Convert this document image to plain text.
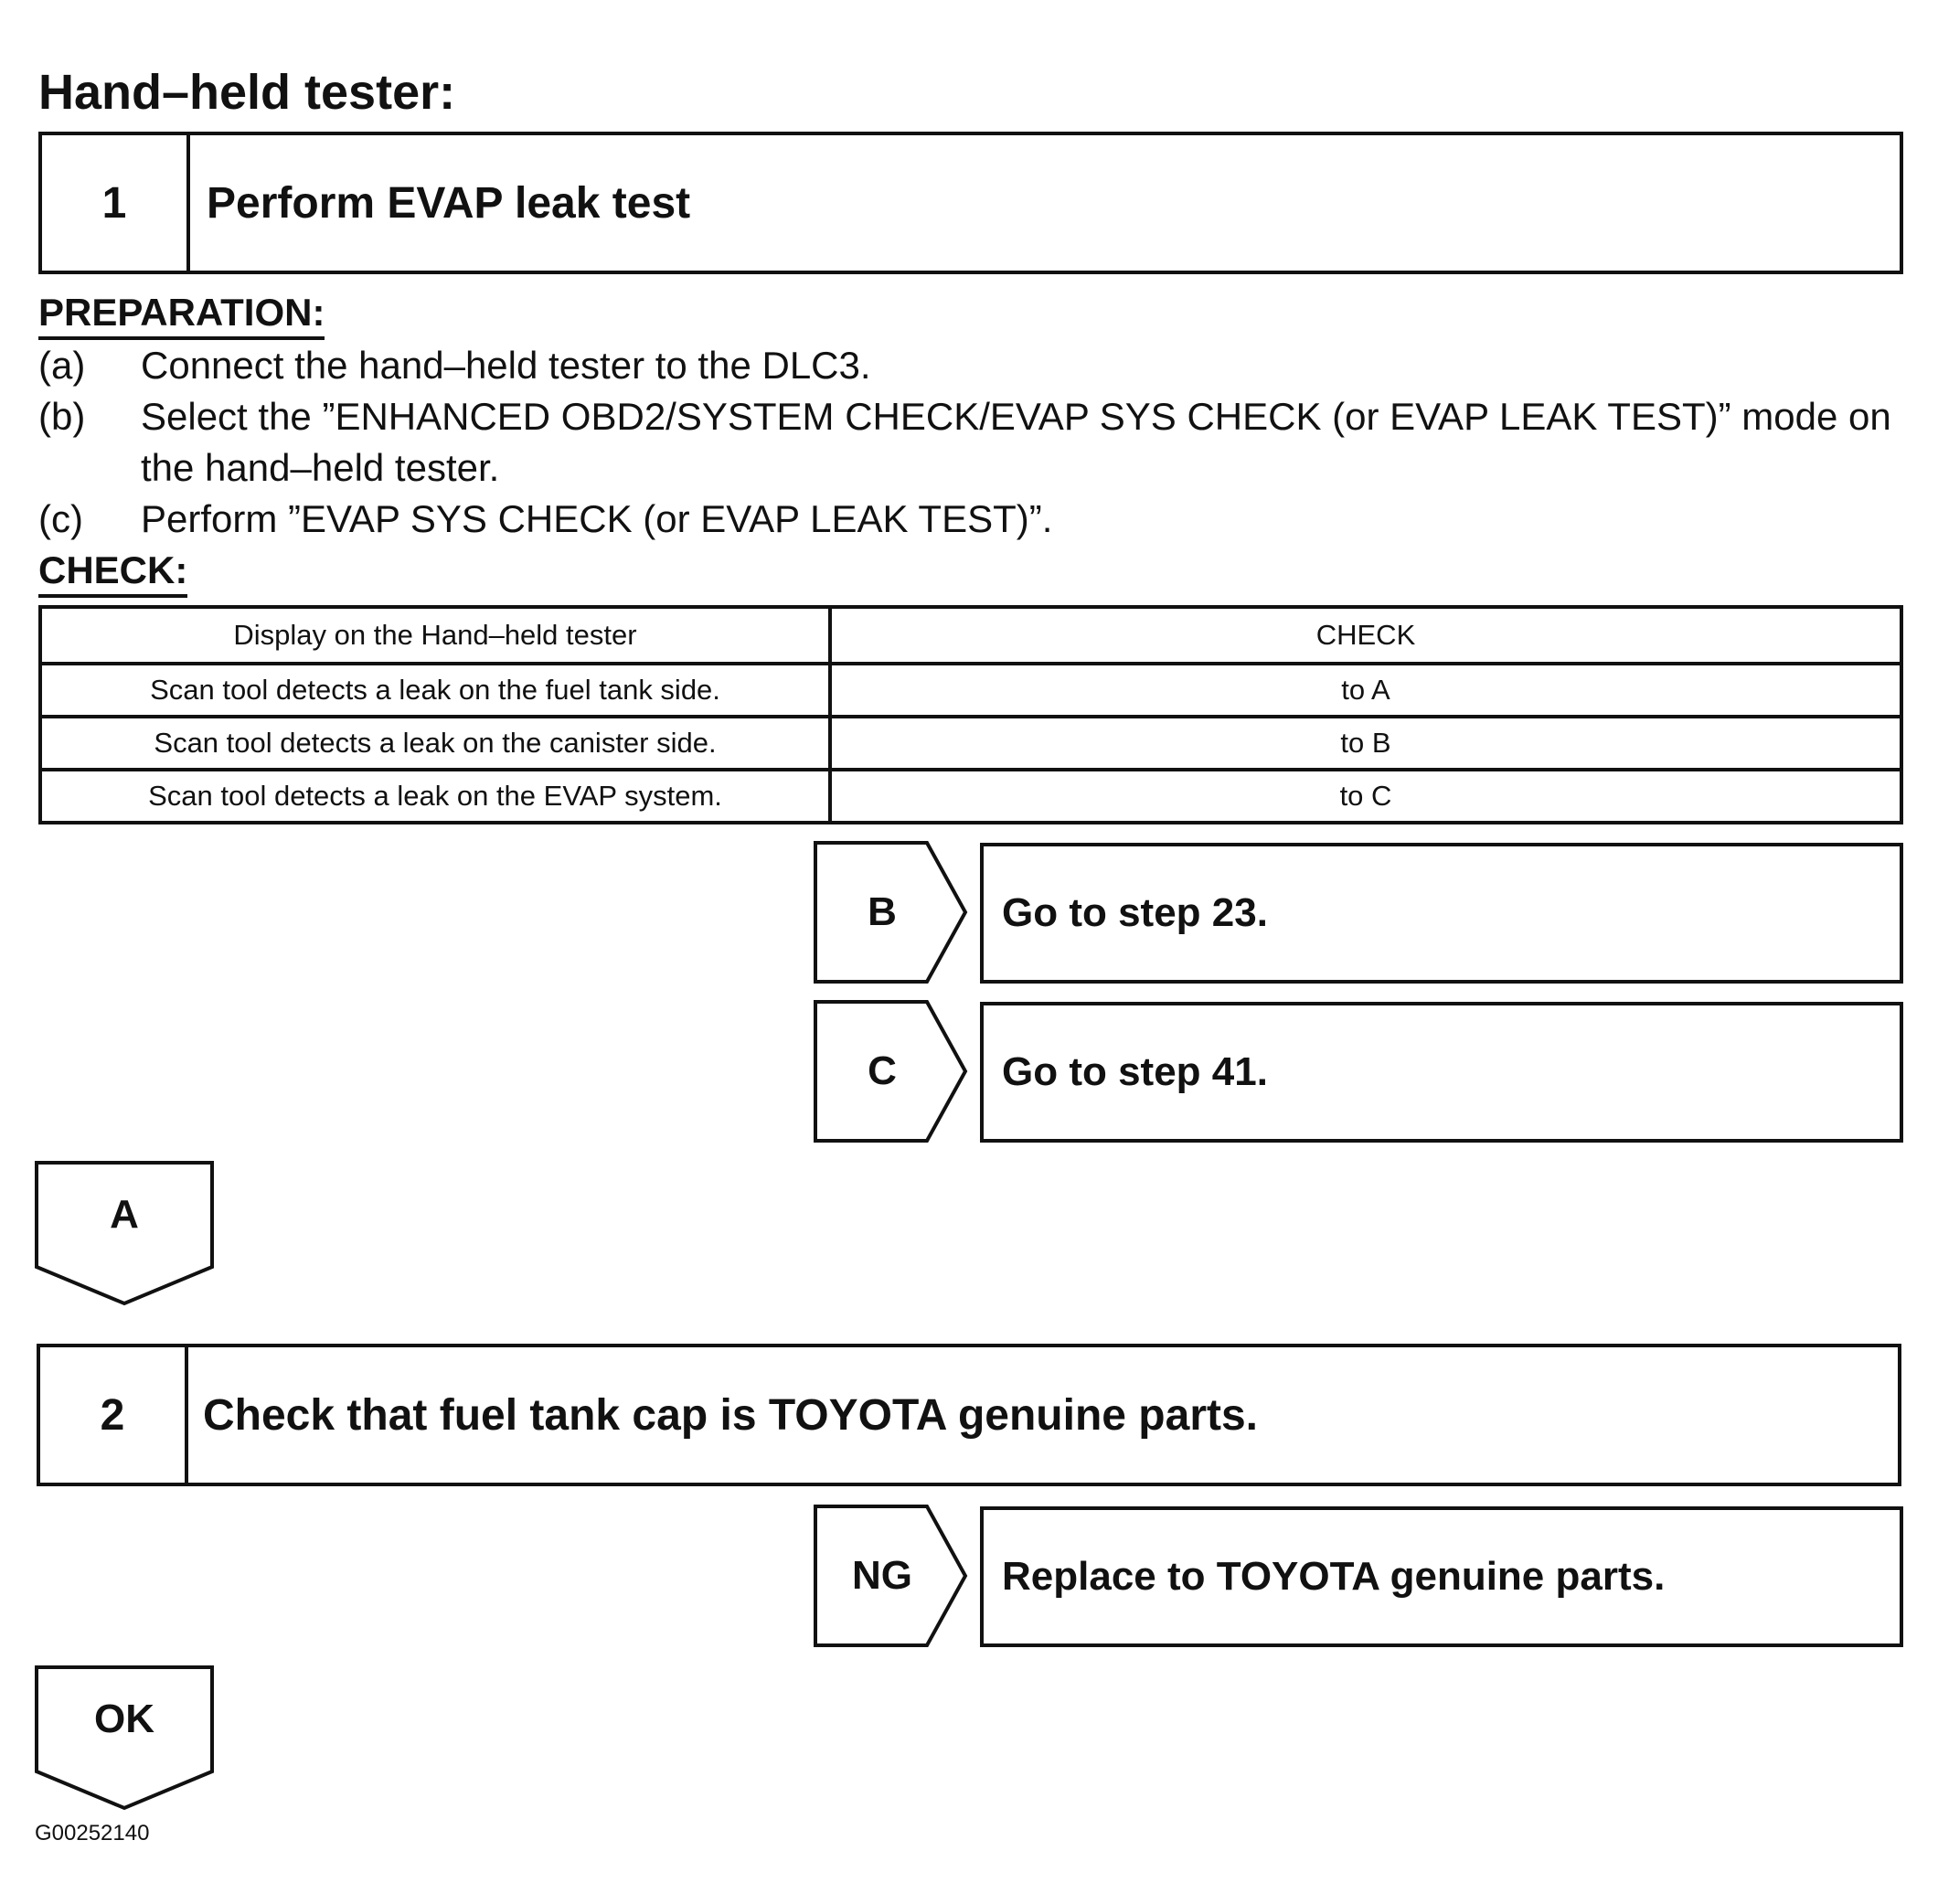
Hand–held tester:
1	Perform EVAP leak test
PREPARATION:
(a) Connect the hand–held tester to the DLC3.
(b) Select the ”ENHANCED OBD2/SYSTEM CHECK/EVAP SYS CHECK (or EVAP LEAK TEST)” mode on the hand–held tester.
(c) Perform ”EVAP SYS CHECK (or EVAP LEAK TEST)”.
CHECK:
Display on the Hand–held tester	CHECK
Scan tool detects a leak on the fuel tank side.	to A
Scan tool detects a leak on the canister side.	to B
Scan tool detects a leak on the EVAP system.	to C
B	Go to step 23.
C	Go to step 41.
A
2	Check that fuel tank cap is TOYOTA genuine parts.
NG	Replace to TOYOTA genuine parts.
OK
G00252140
